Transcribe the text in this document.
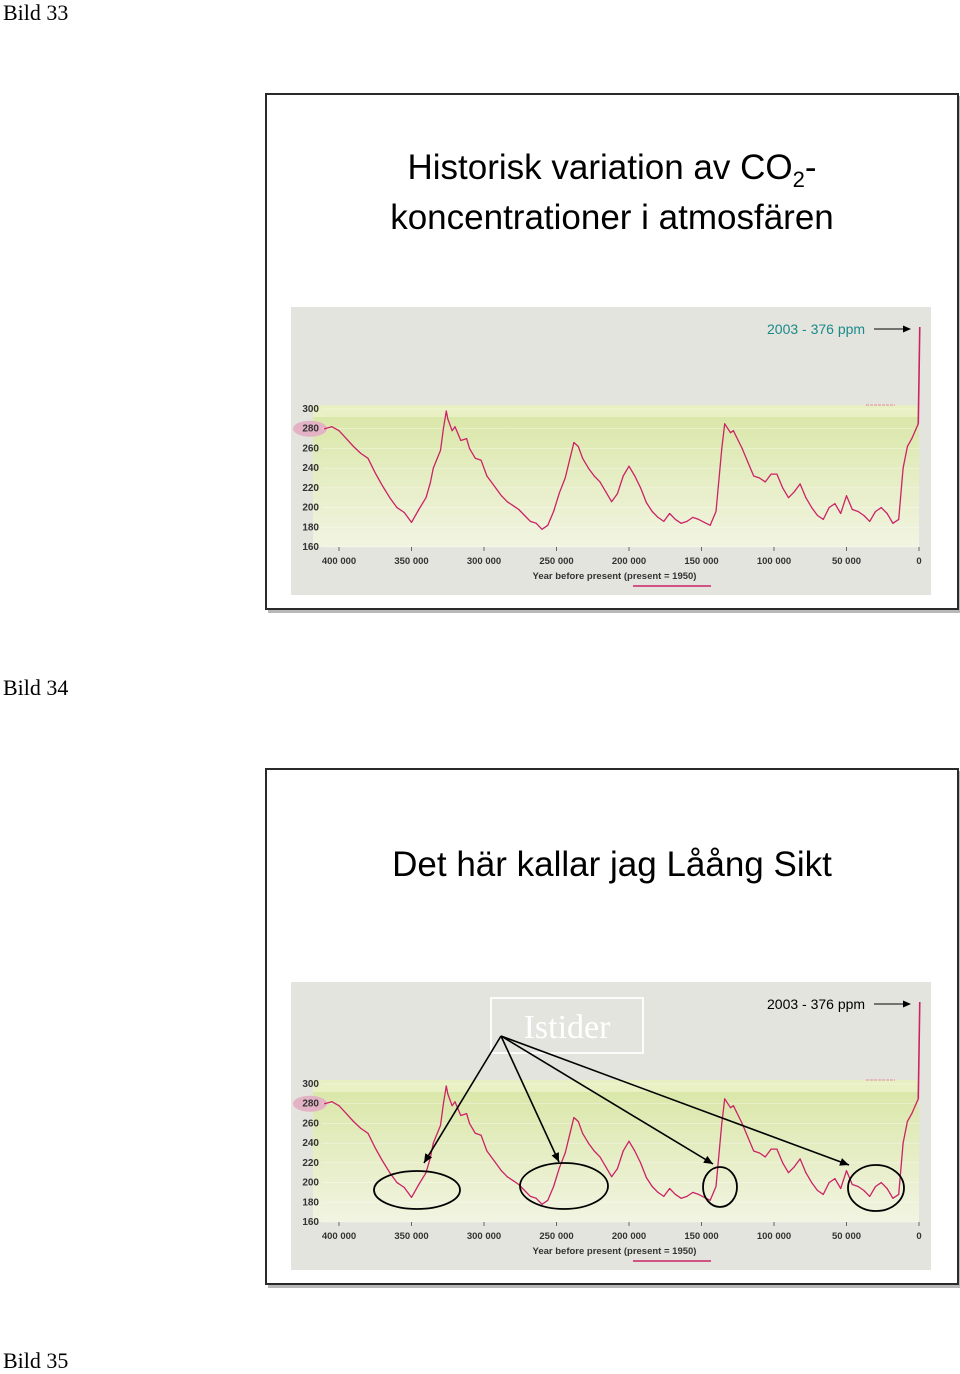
Bild 33
Historisk variation av $CO_2-$
koncentrationer i atmosfären
300
280
260
240
220
200
180
160
400 000	350 000	300 000	250 000	200 000	150 000	100 000	50 000	0
Year before present (present = 1950)
2003 - 376 ppm
Bild 34
Det här kallar jag Låång Sikt
300
280
260
240
220
200
180
160
400 000	350 000	300 000	250 000	200 000	150 000	100 000	50 000	0
Year before present (present = 1950)
2003 - 376 ppm
Istider
Bild 35
